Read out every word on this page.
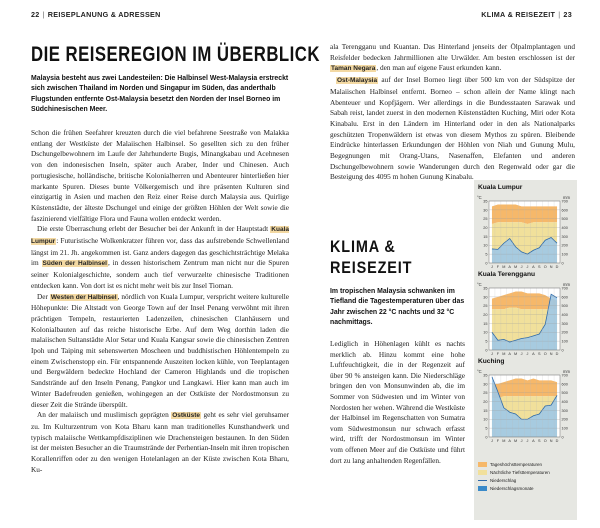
22 | REISEPLANUNG & ADRESSEN	KLIMA & REISEZEIT | 23
DIE REISEREGION IM ÜBERBLICK

Malaysia besteht aus zwei Landesteilen: Die Halbinsel West-Malaysia erstreckt sich zwischen Thailand im Norden und Singapur im Süden, das anderthalb Flugstunden entfernte Ost-Malaysia besetzt den Norden der Insel Borneo im Südchinesischen Meer.

Schon die frühen Seefahrer kreuzten durch die viel befahrene Seestraße von Malakka entlang der Westküste der Malaiischen Halbinsel. So gesellten sich zu den früher Dschungelbewohnern im Laufe der Jahrhunderte Bugis, Minangkabau und Acehnesen von den indonesischen Inseln, später auch Araber, Inder und Chinesen. Auch portugiesische, holländische, britische Kolonialherren und Abenteurer hinterließen hier markante Spuren. Dieses bunte Völkergemisch und ihre präsenten Kulturen sind einzigartig in Asien und machen den Reiz einer Reise durch Malaysia aus. Quirlige Küstenstädte, der älteste Dschungel und einige der größten Höhlen der Welt sowie die faszinierend vielfältige Flora und Fauna wollen entdeckt werden.

Die erste Überraschung erlebt der Besucher bei der Ankunft in der Hauptstadt Kuala Lumpur: Futuristische Wolkenkratzer führen vor, dass das aufstrebende Schwellenland längst im 21. Jh. angekommen ist. Ganz anders dagegen das geschichtsträchtige Melaka im Süden der Halbinsel, in dessen historischem Zentrum man nicht nur die Spuren seiner Kolonialgeschichte, sondern auch tief verwurzelte chinesische Traditionen entdecken kann. Von dort ist es nicht mehr weit bis zur Insel Tioman.

Der Westen der Halbinsel, nördlich von Kuala Lumpur, verspricht weitere kulturelle Höhepunkte: Die Altstadt von George Town auf der Insel Penang verwöhnt mit ihren prächtigen Tempeln, restaurierten Ladenzeilen, chinesischen Clanhäusern und Kolonialbauten auf das reiche historische Erbe. Auf dem Weg dorthin laden die malaiischen Sultanstädte Alor Setar und Kuala Kangsar sowie die chinesischen Zentren Ipoh und Taiping mit sehenswerten Moscheen und buddhistischen Höhlentempeln zu einem Zwischenstopp ein. Für entspannende Auszeiten locken kühle, von Teeplantagen und Bergwäldern bedeckte Hochland der Cameron Highlands und die tropischen Sandstrände auf den Inseln Penang, Pangkor und Langkawi. Hier kann man auch im Winter Badefreuden genießen, wohingegen an der Ostküste der Nordostmonsun zu dieser Zeit die Strände überspült.

An der malaiisch und muslimisch geprägten Ostküste geht es sehr viel geruhsamer zu. Im Kulturzentrum von Kota Bharu kann man traditionelles Kunsthandwerk und typisch malaiische Wettkampfdisziplinen wie Drachensteigen bestaunen. In den Süden ist der meisten Besucher an die Traumstrände der Perhentian-Inseln mit ihren tropischen Korallenriffen oder zu den wenigen Hotelanlagen an der Küste zwischen Kota Bharu, Ku-

ala Terengganu und Kuantan. Das Hinterland jenseits der Ölpalmplantagen und Reisfelder bedecken Jahrmillionen alte Urwälder. Am besten erschlossen ist der Taman Negara, den man auf eigene Faust erkunden kann.

Ost-Malaysia auf der Insel Borneo liegt über 500 km von der Südspitze der Malaiischen Halbinsel entfernt. Borneo – schon allein der Name klingt nach Abenteuer und Kopfjägern. Wer allerdings in die Bundesstaaten Sarawak und Sabah reist, landet zuerst in den modernen Küstenstädten Kuching, Miri oder Kota Kinabalu. Erst in den Ländern im Hinterland oder in den als Nationalparks geschützten Tropenwäldern ist etwas von diesem Mythos zu spüren. Bleibende Eindrücke hinterlassen Erkundungen der Höhlen von Niah und Gunung Mulu, Begegnungen mit Orang-Utans, Nasenaffen, Elefanten und anderen Dschungelbewohnern sowie Wanderungen durch den Regenwald oder gar die Besteigung des 4095 m hohen Gunung Kinabalu.

KLIMA &
REISEZEIT

Im tropischen Malaysia schwanken im Tiefland die Tagestemperaturen über das Jahr zwischen 22 °C nachts und 32 °C nachmittags.

Lediglich in Höhenlagen kühlt es nachts merklich ab. Hinzu kommt eine hohe Luftfeuchtigkeit, die in der Regenzeit auf über 90 % ansteigen kann. Die Niederschläge bringen den von Monsunwinden ab, die im Sommer von Südwesten und im Winter von Nordosten her wehen. Während die Westküste der Halbinsel im Regenschatten von Sumatra vom Südwestmonsun nur schwach erfasst wird, trifft der Nordostmonsun im Winter vom offenen Meer auf die Ostküste und führt dort zu lang anhaltenden Regenfällen.	Tageshöchsttemperaturen
Nächtliche Tiefsttemperaturen
Niederschlag
Niederschlagsmonate
Kuala Lumpur
°C	mm
35	700
30	600
25	500
20	400
15	300
10	200
5	100
0	0
J F M A M J J A S O N D
Kuala Terengganu
°C	mm
35	700
30	600
25	500
20	400
15	300
10	200
5	100
0	0
J F M A M J J A S O N D
Kuching
°C	mm
35	700
30	600
25	500
20	400
15	300
10	200
5	100
0	0
J F M A M J J A S O N D
